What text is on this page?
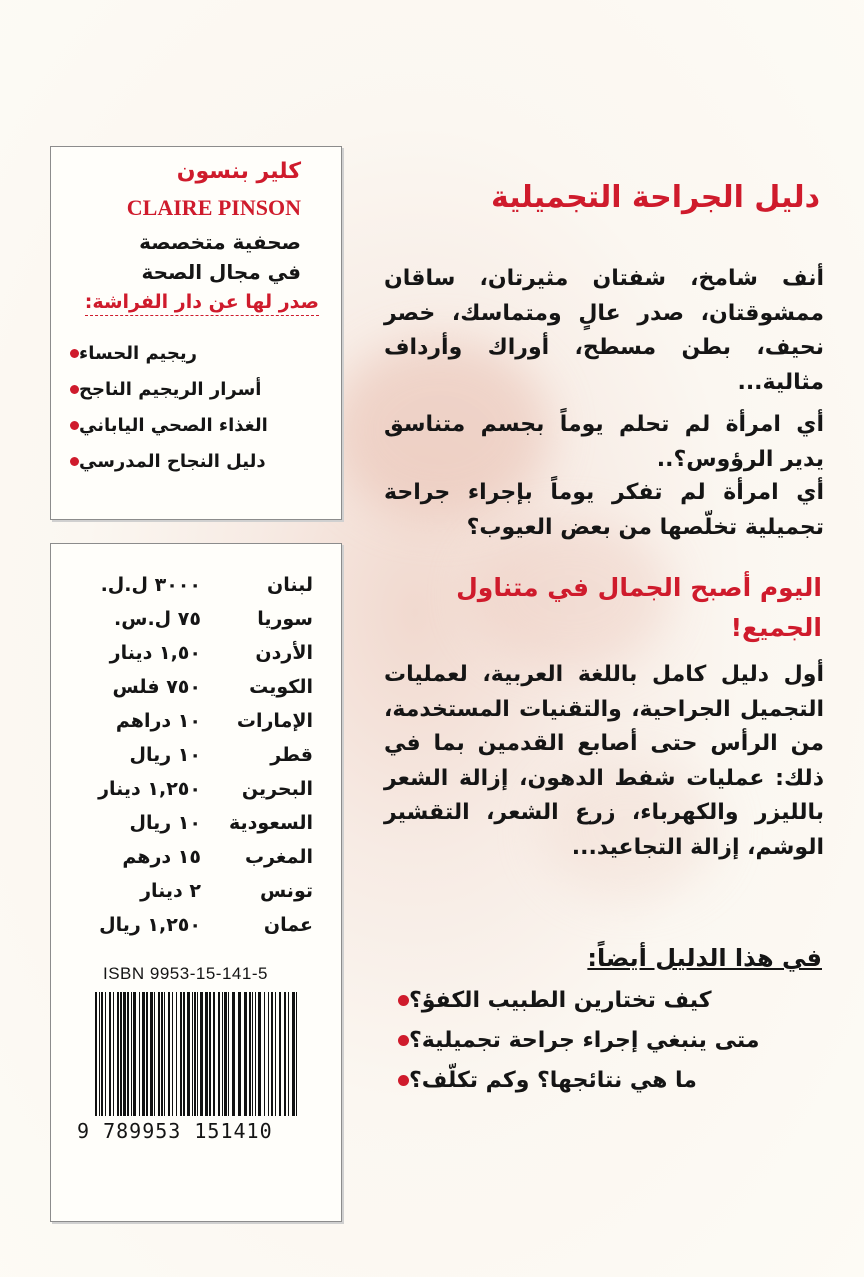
كلير بنسون
CLAIRE PINSON
صحفية متخصصة
في مجال الصحة
صدر لها عن دار الفراشة:
ريجيم الحساء
أسرار الريجيم الناجح
الغذاء الصحي الياباني
دليل النجاح المدرسي
لبنان
٣٠٠٠ ل.ل.
سوريا
٧٥ ل.س.
الأردن
١,٥٠ دينار
الكويت
٧٥٠ فلس
الإمارات
١٠ دراهم
قطر
١٠ ريال
البحرين
١,٢٥٠ دينار
السعودية
١٠ ريال
المغرب
١٥ درهم
تونس
٢ دينار
عمان
١,٢٥٠ ريال
ISBN 9953-15-141-5
9 789953 151410
دليل الجراحة التجميلية
أنف شامخ، شفتان مثيرتان، ساقان ممشوقتان، صدر عالٍ ومتماسك، خصر نحيف، بطن مسطح، أوراك وأرداف مثالية...
أي امرأة لم تحلم يوماً بجسم متناسق يدير الرؤوس؟..
أي امرأة لم تفكر يوماً بإجراء جراحة تجميلية تخلّصها من بعض العيوب؟
اليوم أصبح الجمال في متناول الجميع!
أول دليل كامل باللغة العربية، لعمليات التجميل الجراحية، والتقنيات المستخدمة، من الرأس حتى أصابع القدمين بما في ذلك: عمليات شفط الدهون، إزالة الشعر بالليزر والكهرباء، زرع الشعر، التقشير الوشم، إزالة التجاعيد...
في هذا الدليل أيضاً:
كيف تختارين الطبيب الكفؤ؟
متى ينبغي إجراء جراحة تجميلية؟
ما هي نتائجها؟ وكم تكلّف؟
